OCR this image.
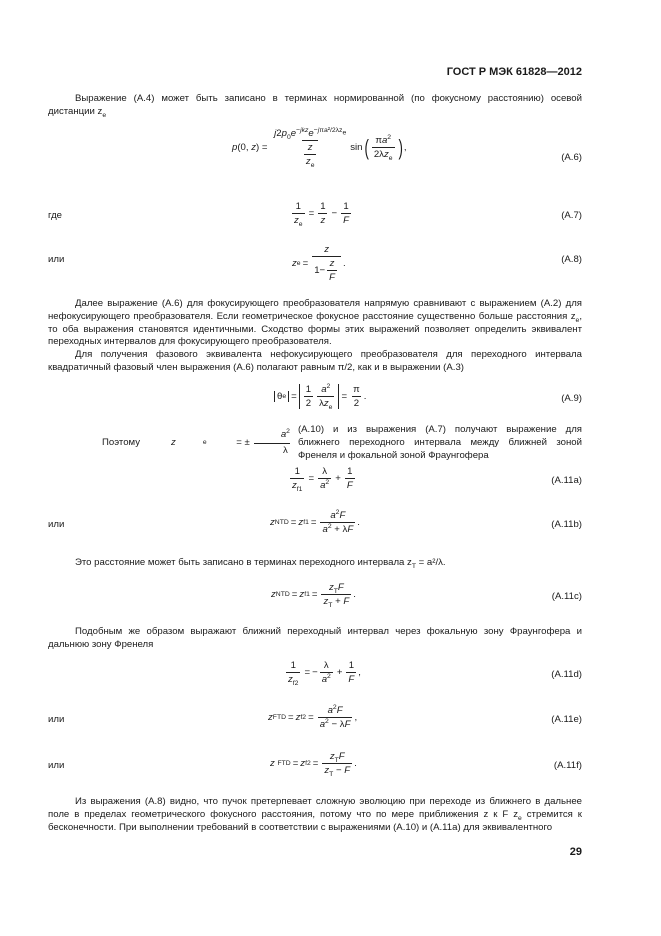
ГОСТ Р МЭК 61828—2012
Выражение (А.4) может быть записано в терминах нормированной (по фокусному расстоянию) осевой дистанции $z_e$
p (0, z ) =
$j2p_0e^{-jkz}e^{-j\pi a^2/2\lambda z_e}$
$\frac{z}{z_e}$	sin ( $\pi a^2$
$2\lambda z_e$ ) ,
(А.6)
где	$\frac{1}{z_e} = \frac{1}{z} - \frac{1}{F}$	(А.7)
или	z $e = \frac{z}{1- \frac{z}{F}}$ .	(А.8)
Далее выражение (А.6) для фокусирующего преобразователя напрямую сравнивают с выражением (А.2) для нефокусирующего преобразователя. Если геометрическое фокусное расстояние существенно больше расстояния $z_e$, то оба выражения становятся идентичными. Сходство формы этих выражений позволяет определить эквивалент переходных интервалов для фокусирующего преобразователя.
Для получения фазового эквивалента нефокусирующего преобразователя для переходного интервала квадратичный фазовый член выражения (А.6) полагают равным π/2, как и в выражении (А.3)
θ e =
1
2
$a^2$
$\lambda z_e$
= $\frac{\pi}{2}$ .	(А.9)
Поэтому	z	e	= ±
$a^2$
λ
(А.10) и из выражения (А.7) получают выражение для ближнего переходного интервала между ближней зоной Френеля и фокальной зоной Фраунгофера
$\frac{1}{z_{f1}} = \frac{\lambda}{a^2} + \frac{1}{F}$	(А.11а)
или	z NTD = z $f1 = \frac{a^2F}{a^2 + \lambda F}$ .	(А.11b)
Это расстояние может быть записано в терминах переходного интервала $z_T = a^2/\lambda$.
z NTD = z f1 =
$z_TF$
$z_T + F$
.	(А.11c)
Подобным же образом выражают ближний переходный интервал через фокальную зону Фраунгофера и дальнюю зону Френеля
$\frac{1}{z_{f2}}$ = − $\frac{\lambda}{a^2} + \frac{1}{F}$ ,	(А.11d)
или	z FTD = z $f2 = \frac{a^2F}{a^2 - \lambda F}$ ,	(А.11e)
или	z
FTD = z f2 =
$z_TF$
$z_T - F$
.	(А.11f)
Из выражения (А.8) видно, что пучок претерпевает сложную эволюцию при переходе из ближнего в дальнее поле в пределах геометрического фокусного расстояния, потому что по мере приближения z к F $z_e$ стремится к бесконечности. При выполнении требований в соответствии с выражениями (А.10) и (А.11а) для эквивалентного
29
